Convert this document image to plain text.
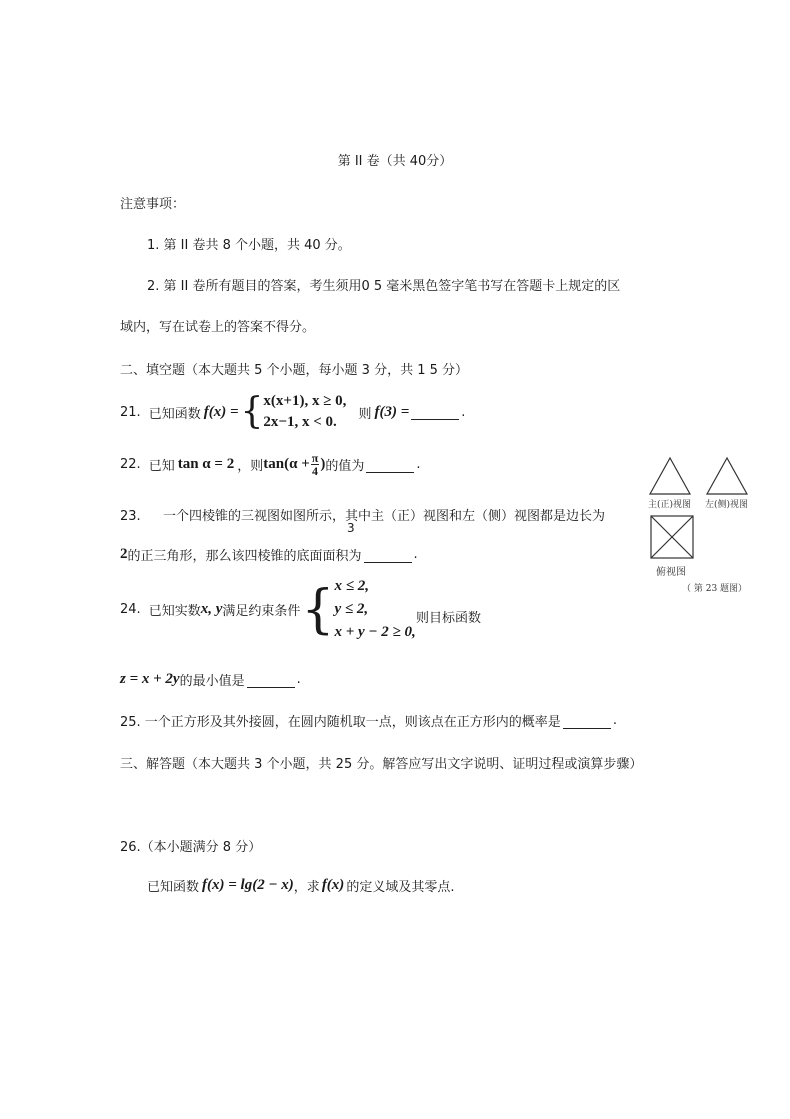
第 II 卷（共 40分）
注意事项：
1. 第 II 卷共 8 个小题，共 40 分。
2. 第 II 卷所有题目的答案，考生须用0 5 毫米黑色签字笔书写在答题卡上规定的区
域内，写在试卷上的答案不得分。
二、填空题（本大题共 5 个小题，每小题 3 分，共 1 5 分）
21. 已知函数 f(x) = { x(x+1), x ≥ 0,
2x−1, x < 0.	则 f(3) =	.
22. 已知 tan α = 2 ，则 $\tan(\alpha + \frac{\pi}{4}$ ) 的值为	.
23. 一个四棱锥的三视图如图所示，其中主（正）视图和左（侧）视图都是边长为
3
2 的正三角形，那么该四棱锥的底面面积为	.
主(正)视图 左(侧)视图
俯视图
（ 第 23 题图）
24. 已知实数 x, y 满足约束条件 { x ≤ 2,
y ≤ 2,
x + y − 2 ≥ 0,
则目标函数
z = x + 2y 的最小值是	.
25. 一个正方形及其外接圆，在圆内随机取一点，则该点在正方形内的概率是	.
三、解答题（本大题共 3 个小题，共 25 分。解答应写出文字说明、证明过程或演算步骤）
26.（本小题满分 8 分）
已知函数 f(x) = lg(2 − x) ，求 f(x) 的定义域及其零点.
